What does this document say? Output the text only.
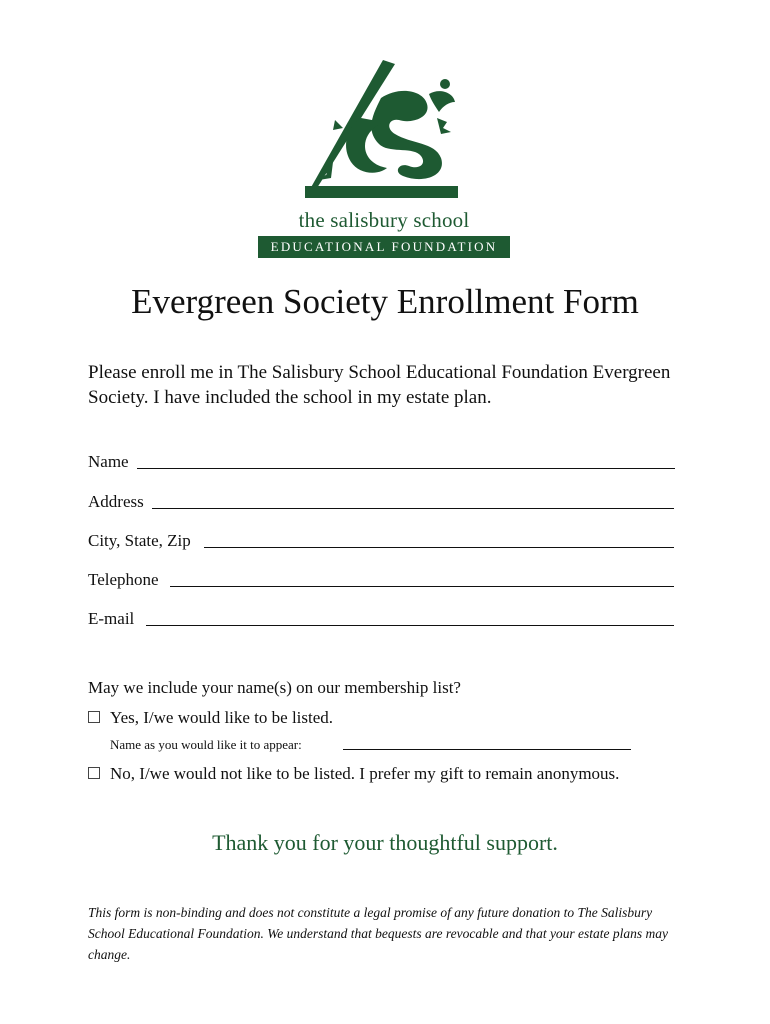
the salisbury school
EDUCATIONAL FOUNDATION
Evergreen Society Enrollment Form

Please enroll me in The Salisbury School Educational Foundation Evergreen Society. I have included the school in my estate plan.

Name
Address
City, State, Zip
Telephone
E-mail
May we include your name(s) on our membership list?
Yes, I/we would like to be listed.
Name as you would like it to appear:
No, I/we would not like to be listed. I prefer my gift to remain anonymous.
Thank you for your thoughtful support.

This form is non-binding and does not constitute a legal promise of any future donation to The Salisbury School Educational Foundation. We understand that bequests are revocable and that your estate plans may change.
